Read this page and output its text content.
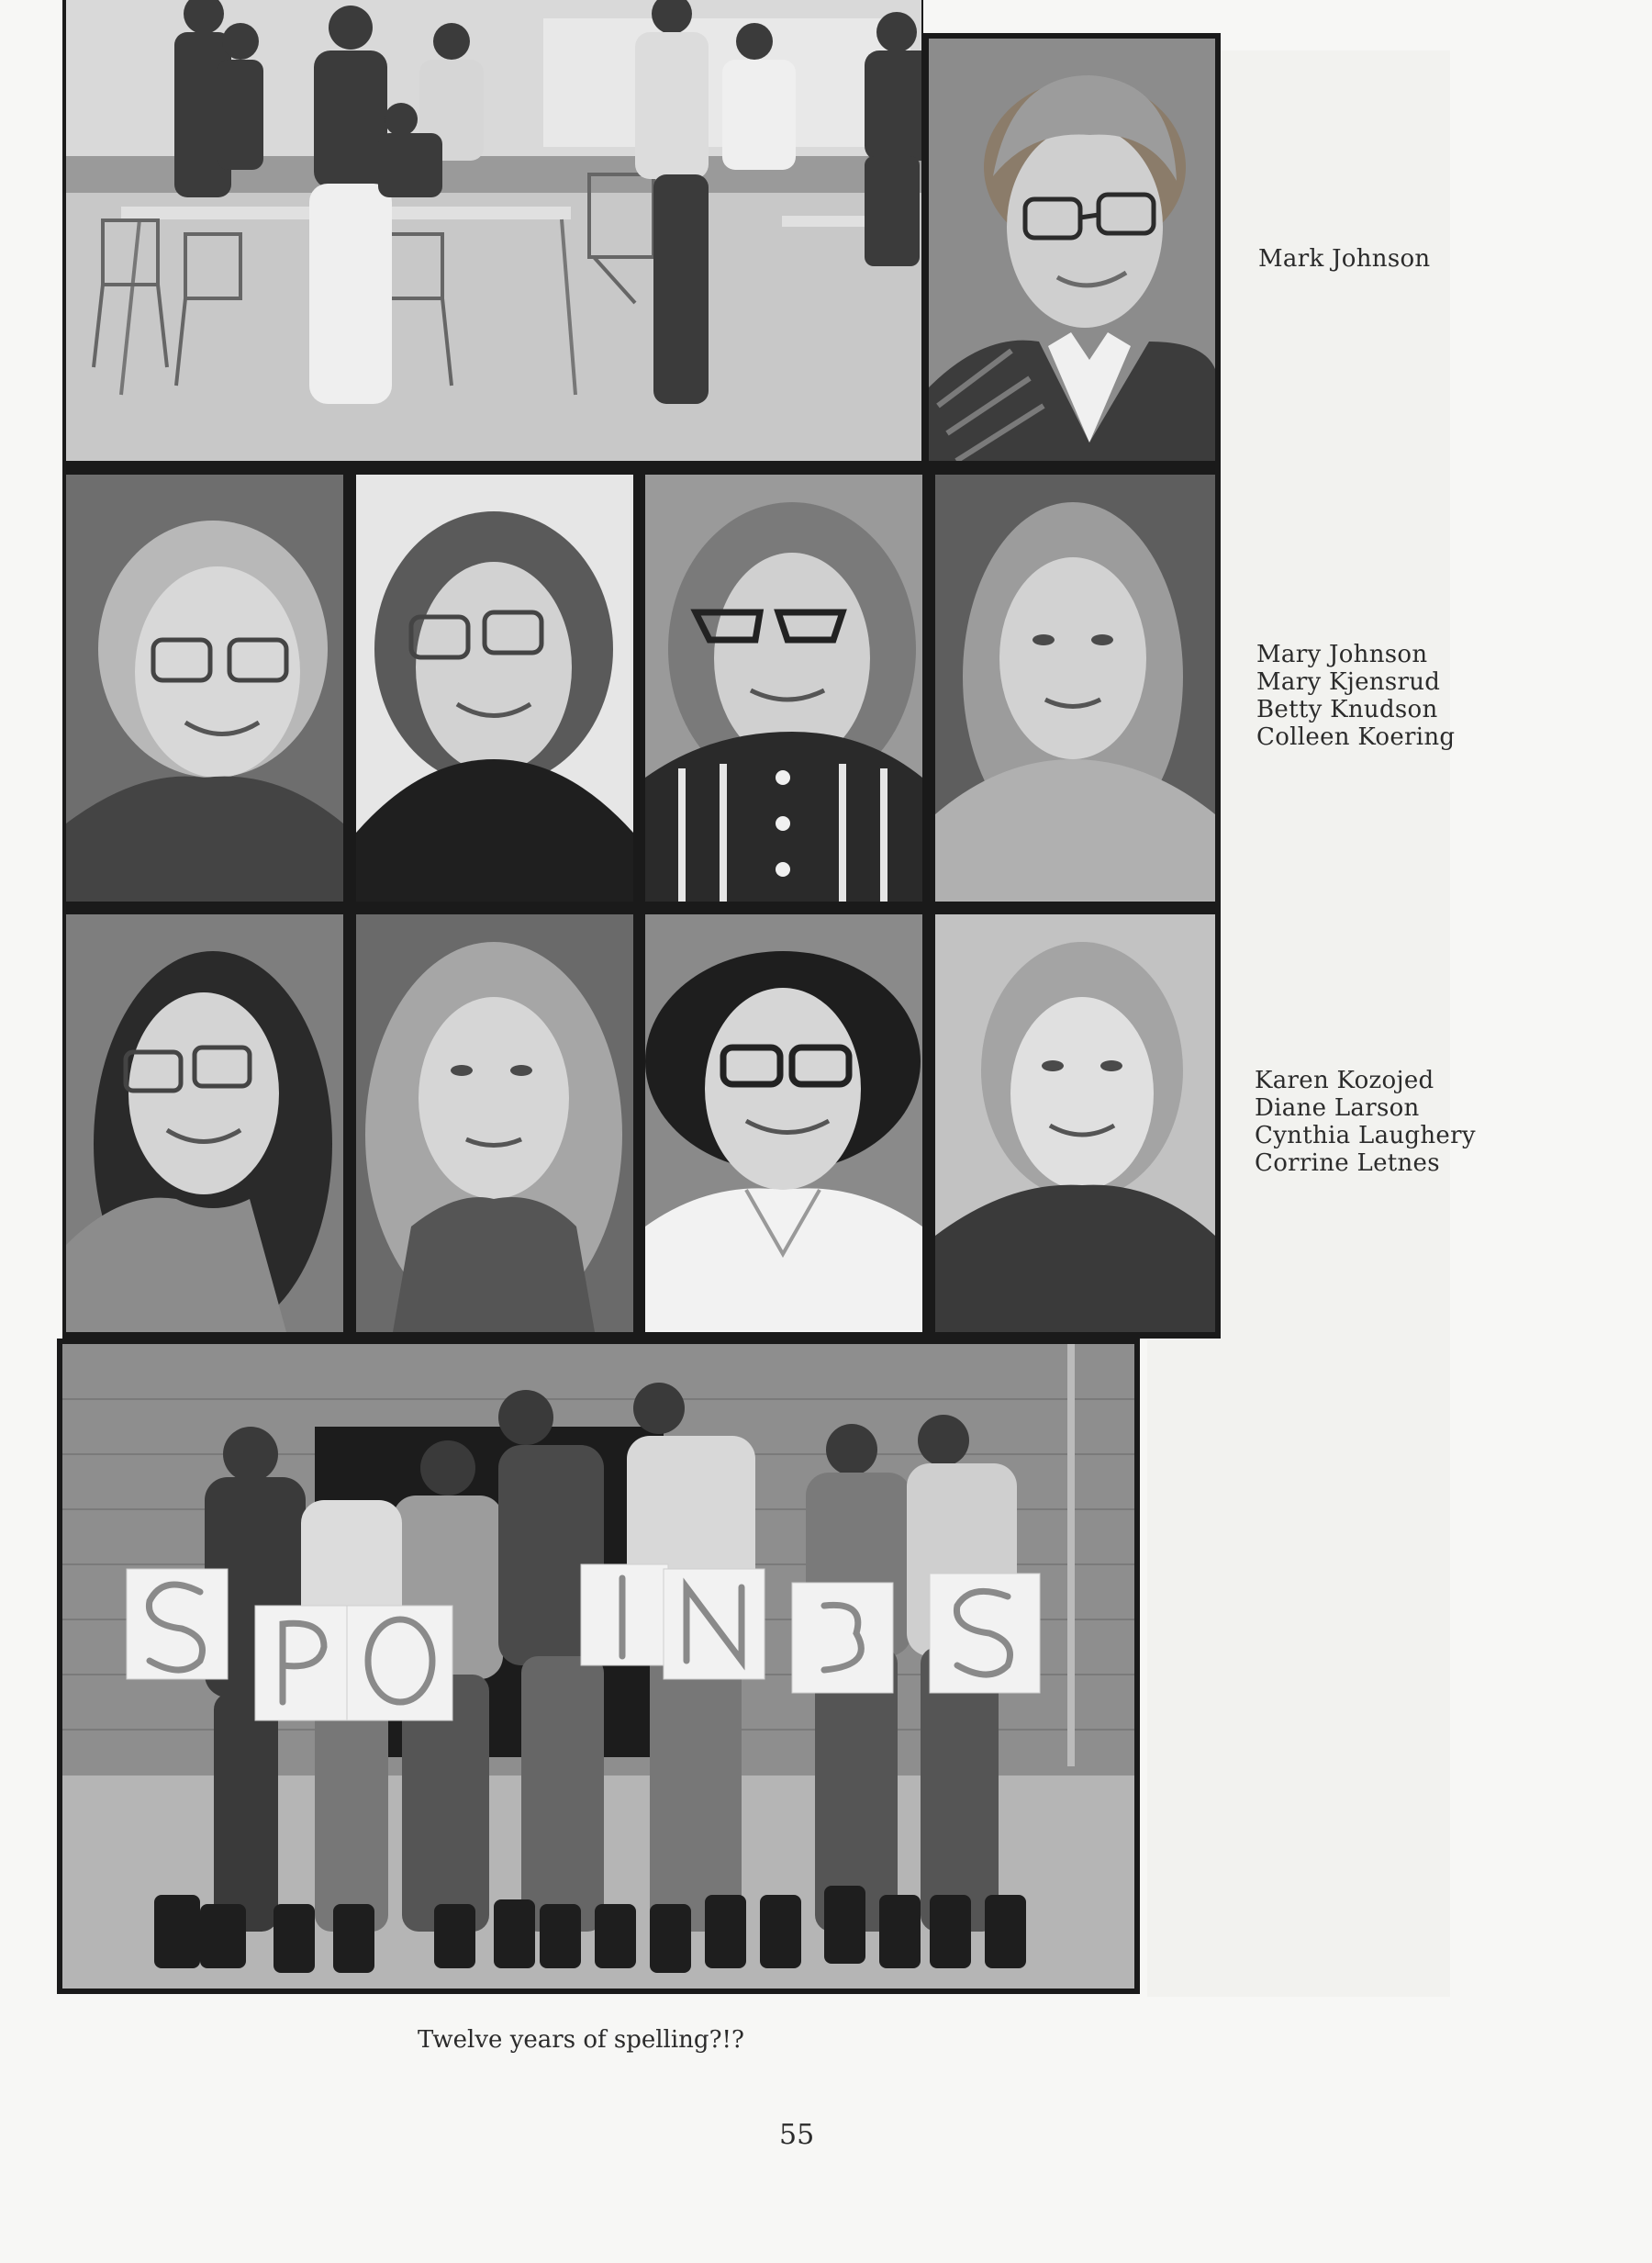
Mark Johnson
Mary Johnson
Mary Kjensrud
Betty Knudson
Colleen Koering
Karen Kozojed
Diane Larson
Cynthia Laughery
Corrine Letnes
Twelve years of spelling?!?
55
